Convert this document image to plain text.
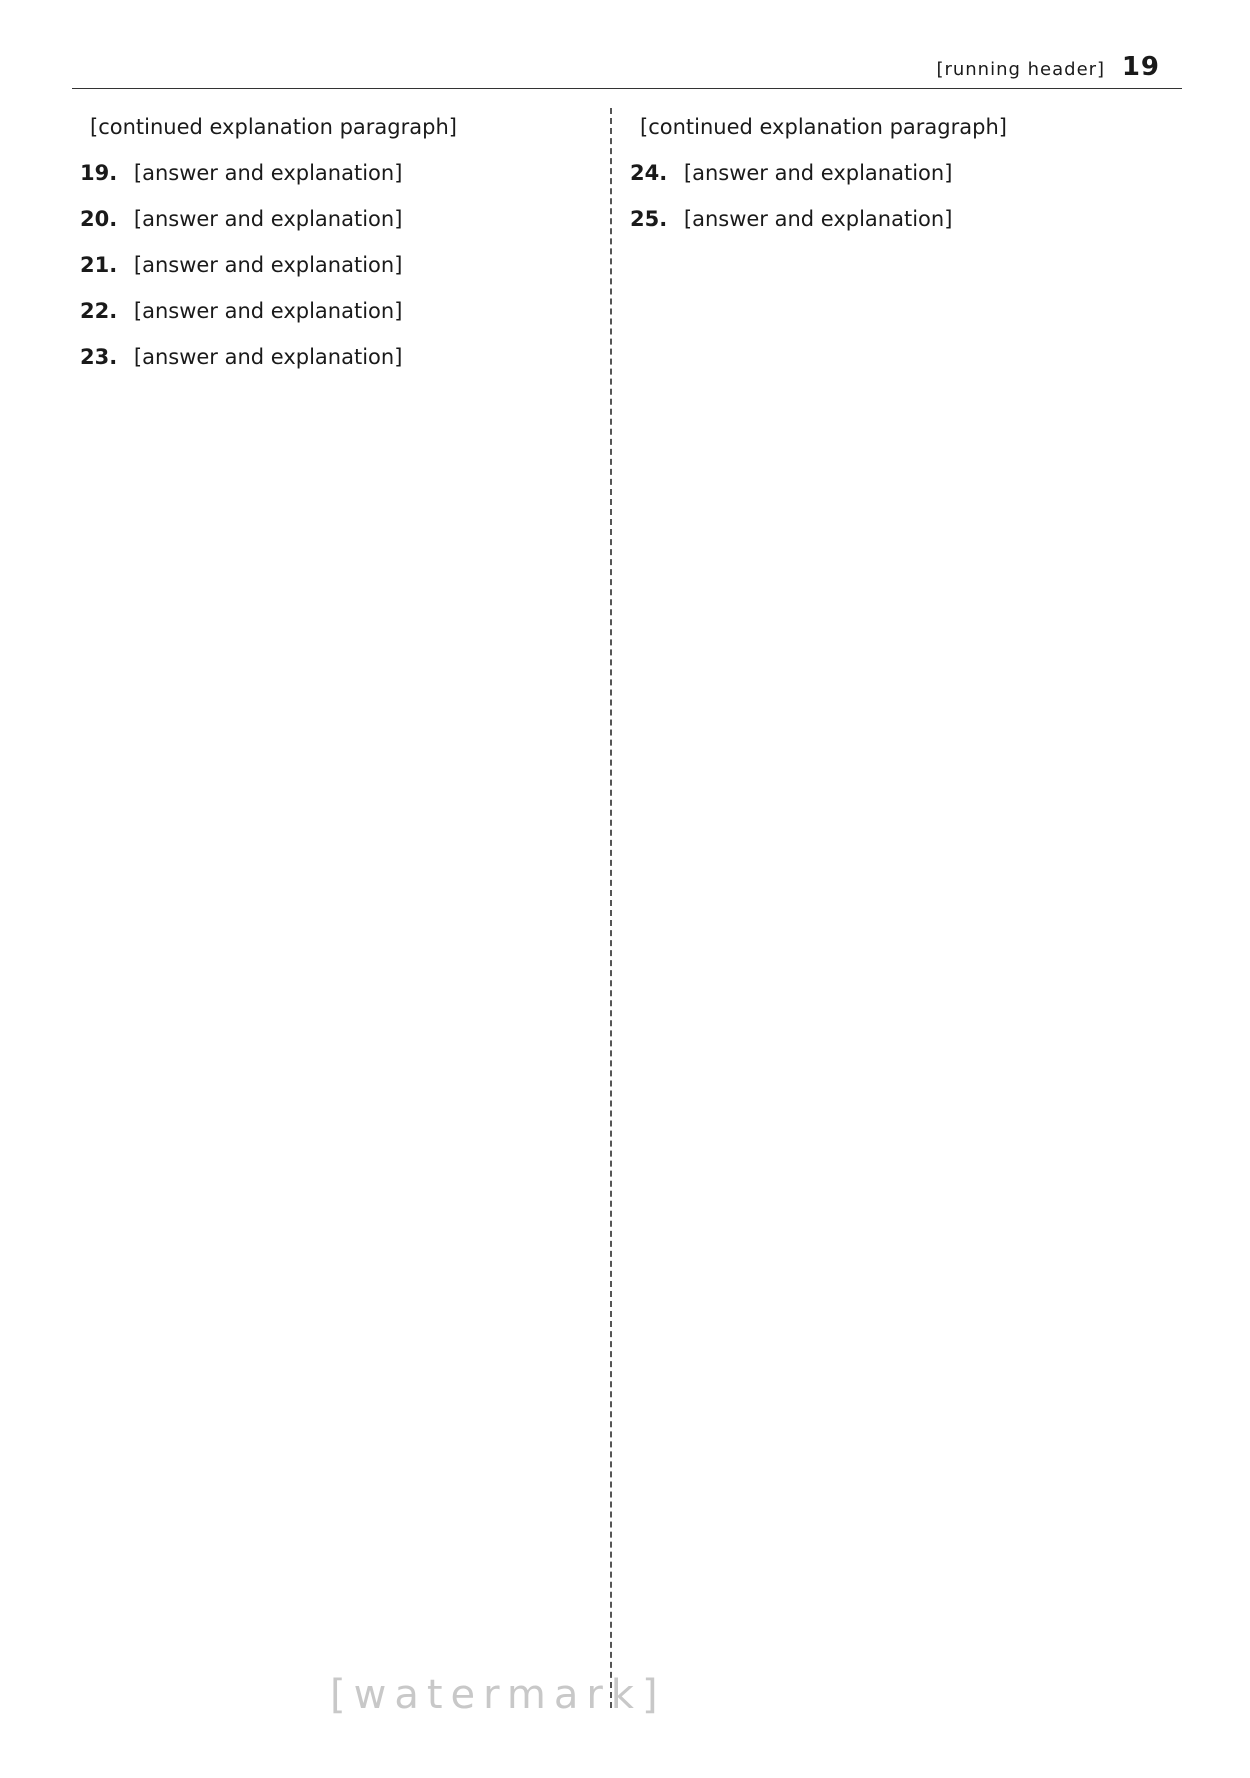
[running header] 19

[continued explanation paragraph]

19. [answer and explanation]

20. [answer and explanation]

21. [answer and explanation]

22. [answer and explanation]

23. [answer and explanation]

[continued explanation paragraph]

24. [answer and explanation]

25. [answer and explanation]

[watermark]
